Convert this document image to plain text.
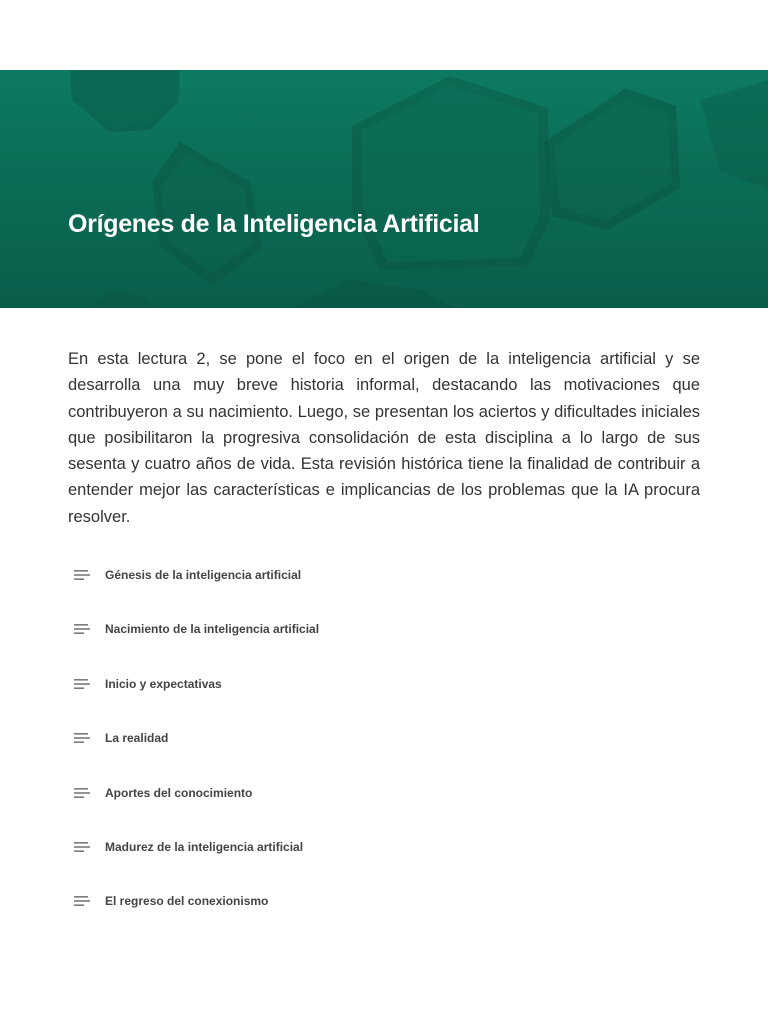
Orígenes de la Inteligencia Artificial

En esta lectura 2, se pone el foco en el origen de la inteligencia artificial y se desarrolla una muy breve historia informal, destacando las motivaciones que contribuyeron a su nacimiento. Luego, se presentan los aciertos y dificultades iniciales que posibilitaron la progresiva consolidación de esta disciplina a lo largo de sus sesenta y cuatro años de vida. Esta revisión histórica tiene la finalidad de contribuir a entender mejor las características e implicancias de los problemas que la IA procura resolver.

Génesis de la inteligencia artificial
Nacimiento de la inteligencia artificial
Inicio y expectativas
La realidad
Aportes del conocimiento
Madurez de la inteligencia artificial
El regreso del conexionismo
